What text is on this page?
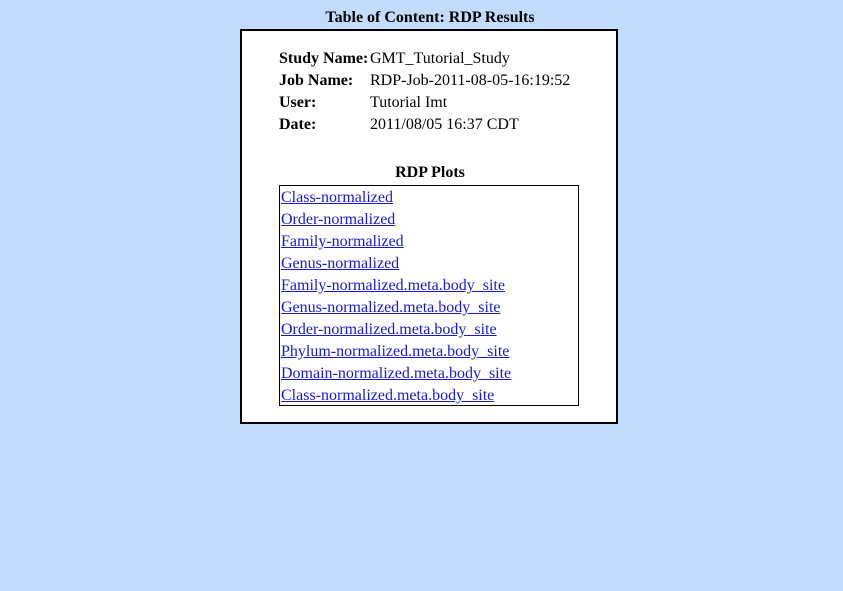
Table of Content: RDP Results
Study Name:	GMT_Tutorial_Study
Job Name:	RDP-Job-2011-08-05-16:19:52
User:	Tutorial Imt
Date:	2011/08/05 16:37 CDT
RDP Plots
Class-normalized
Order-normalized
Family-normalized
Genus-normalized
Family-normalized.meta.body_site
Genus-normalized.meta.body_site
Order-normalized.meta.body_site
Phylum-normalized.meta.body_site
Domain-normalized.meta.body_site
Class-normalized.meta.body_site
